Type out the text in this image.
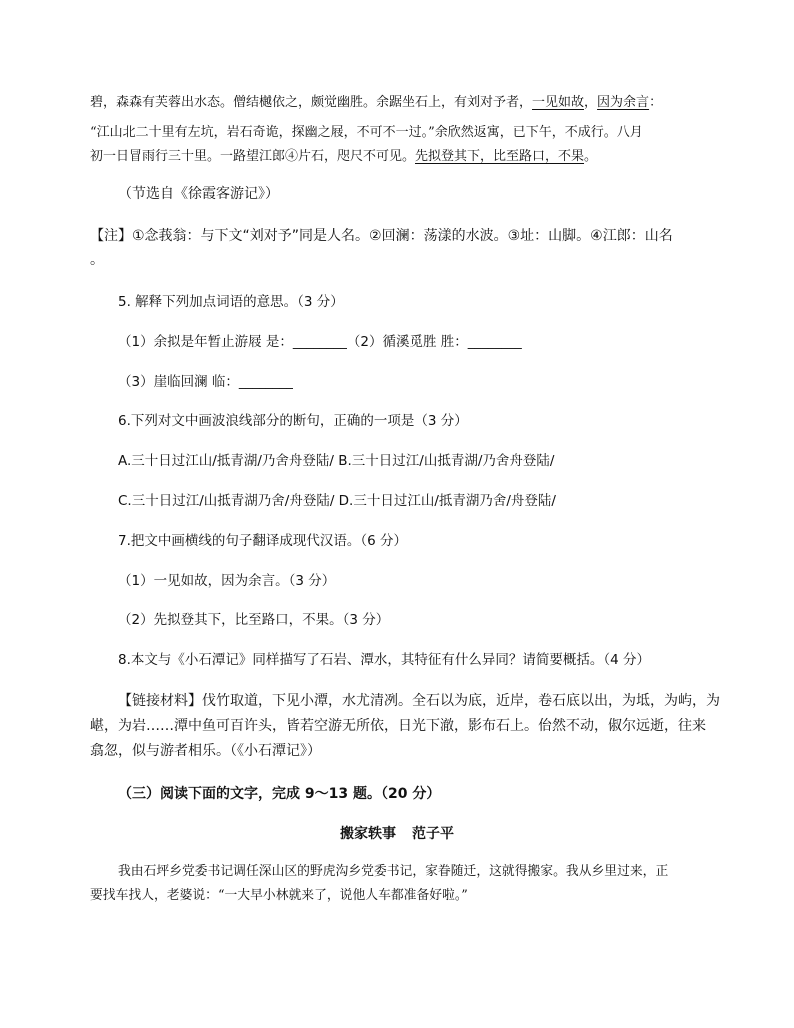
碧，森森有芙蓉出水态。僧结樾依之，颇觉幽胜。余踞坐石上，有刘对予者，一见如故，因为余言：
“江山北二十里有左坑，岩石奇诡，探幽之屐，不可不一过。”余欣然返寓，已下午，不成行。八月
初一日冒雨行三十里。一路望江郎④片石，咫尺不可见。先拟登其下，比至路口，不果。
（节选自《徐霞客游记》）
【注】①念莪翁：与下文“刘对予”同是人名。②回澜：荡漾的水波。③址：山脚。④江郎：山名
。
5. 解释下列加点词语的意思。（3 分）
（1）余拟是年暂止游屐 是：________（2）循溪觅胜 胜：________
（3）崖临回澜 临：________
6.下列对文中画波浪线部分的断句，正确的一项是（3 分）
A.三十日过江山/抵青湖/乃舍舟登陆/ B.三十日过江/山抵青湖/乃舍舟登陆/
C.三十日过江/山抵青湖乃舍/舟登陆/ D.三十日过江山/抵青湖乃舍/舟登陆/
7.把文中画横线的句子翻译成现代汉语。（6 分）
（1）一见如故，因为余言。（3 分）
（2）先拟登其下，比至路口，不果。（3 分）
8.本文与《小石潭记》同样描写了石岩、潭水，其特征有什么异同？请简要概括。（4 分）
【链接材料】伐竹取道，下见小潭，水尤清冽。全石以为底，近岸，卷石底以出，为坻，为屿，为
嵁，为岩……潭中鱼可百许头，皆若空游无所依，日光下澈，影布石上。佁然不动，俶尔远逝，往来
翕忽，似与游者相乐。（《小石潭记》）
（三）阅读下面的文字，完成 9～13 题。（20 分）
搬家轶事 范子平
我由石坪乡党委书记调任深山区的野虎沟乡党委书记，家眷随迁，这就得搬家。我从乡里过来，正
要找车找人，老婆说：“一大早小林就来了，说他人车都准备好啦。”
